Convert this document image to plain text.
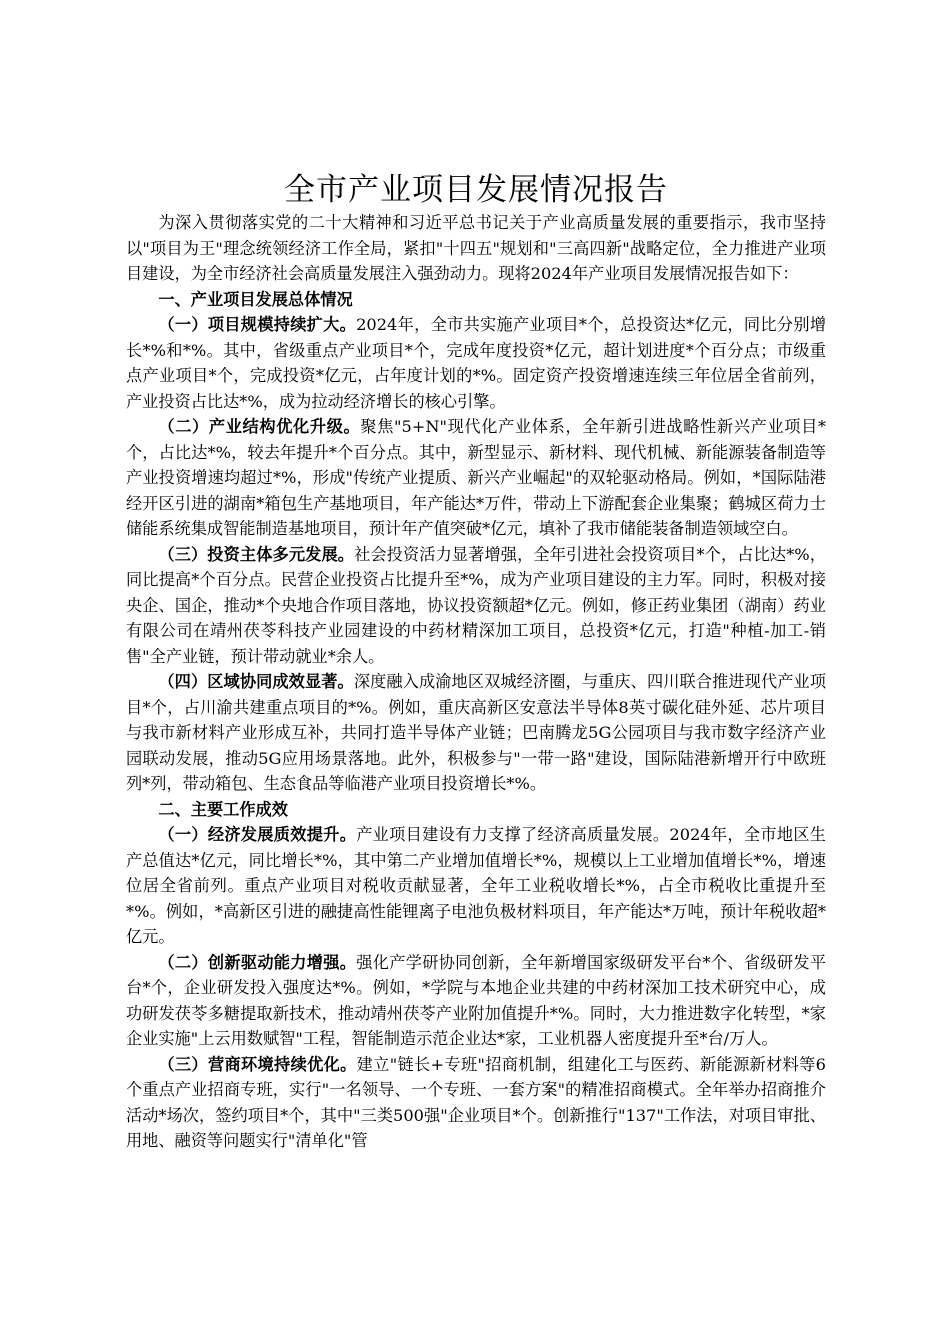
全市产业项目发展情况报告

为深入贯彻落实党的二十大精神和习近平总书记关于产业高质量发展的重要指示，我市坚持以"项目为王"理念统领经济工作全局，紧扣"十四五"规划和"三高四新"战略定位，全力推进产业项目建设，为全市经济社会高质量发展注入强劲动力。现将2024年产业项目发展情况报告如下：

一、产业项目发展总体情况

（一）项目规模持续扩大。2024年，全市共实施产业项目*个，总投资达*亿元，同比分别增长*%和*%。其中，省级重点产业项目*个，完成年度投资*亿元，超计划进度*个百分点；市级重点产业项目*个，完成投资*亿元，占年度计划的*%。固定资产投资增速连续三年位居全省前列，产业投资占比达*%，成为拉动经济增长的核心引擎。

（二）产业结构优化升级。聚焦"5+N"现代化产业体系，全年新引进战略性新兴产业项目*个，占比达*%，较去年提升*个百分点。其中，新型显示、新材料、现代机械、新能源装备制造等产业投资增速均超过*%，形成"传统产业提质、新兴产业崛起"的双轮驱动格局。例如，*国际陆港经开区引进的湖南*箱包生产基地项目，年产能达*万件，带动上下游配套企业集聚；鹤城区荷力士储能系统集成智能制造基地项目，预计年产值突破*亿元，填补了我市储能装备制造领域空白。

（三）投资主体多元发展。社会投资活力显著增强，全年引进社会投资项目*个，占比达*%，同比提高*个百分点。民营企业投资占比提升至*%，成为产业项目建设的主力军。同时，积极对接央企、国企，推动*个央地合作项目落地，协议投资额超*亿元。例如，修正药业集团（湖南）药业有限公司在靖州茯苓科技产业园建设的中药材精深加工项目，总投资*亿元，打造"种植-加工-销售"全产业链，预计带动就业*余人。

（四）区域协同成效显著。深度融入成渝地区双城经济圈，与重庆、四川联合推进现代产业项目*个，占川渝共建重点项目的*%。例如，重庆高新区安意法半导体8英寸碳化硅外延、芯片项目与我市新材料产业形成互补，共同打造半导体产业链；巴南腾龙5G公园项目与我市数字经济产业园联动发展，推动5G应用场景落地。此外，积极参与"一带一路"建设，国际陆港新增开行中欧班列*列，带动箱包、生态食品等临港产业项目投资增长*%。

二、主要工作成效

（一）经济发展质效提升。产业项目建设有力支撑了经济高质量发展。2024年，全市地区生产总值达*亿元，同比增长*%，其中第二产业增加值增长*%，规模以上工业增加值增长*%，增速位居全省前列。重点产业项目对税收贡献显著，全年工业税收增长*%，占全市税收比重提升至*%。例如，*高新区引进的融捷高性能锂离子电池负极材料项目，年产能达*万吨，预计年税收超*亿元。

（二）创新驱动能力增强。强化产学研协同创新，全年新增国家级研发平台*个、省级研发平台*个，企业研发投入强度达*%。例如，*学院与本地企业共建的中药材深加工技术研究中心，成功研发茯苓多糖提取新技术，推动靖州茯苓产业附加值提升*%。同时，大力推进数字化转型，*家企业实施"上云用数赋智"工程，智能制造示范企业达*家，工业机器人密度提升至*台/万人。

（三）营商环境持续优化。建立"链长+专班"招商机制，组建化工与医药、新能源新材料等6个重点产业招商专班，实行"一名领导、一个专班、一套方案"的精准招商模式。全年举办招商推介活动*场次，签约项目*个，其中"三类500强"企业项目*个。创新推行"137"工作法，对项目审批、用地、融资等问题实行"清单化"管
